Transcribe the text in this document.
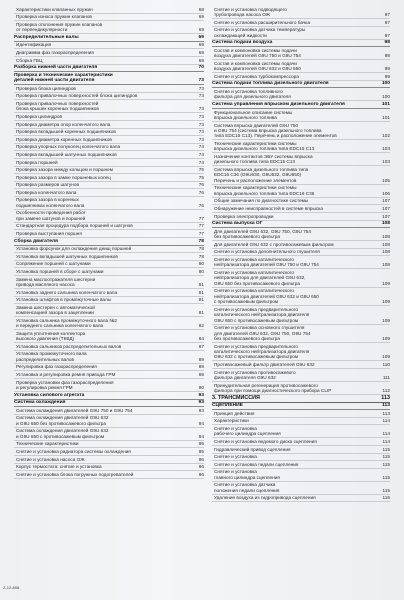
Характеристики клапанных пружин	68
Проверка износа пружин клапанов	69
Проверка отклонения пружин клапанов
от перпендикулярности	69
Распределительные валы	69
Идентификация	69
Диаграмма фаз газораспределения	69
Сборка ГБЦ	69
Разборка нижней части двигателя	70
Проверка и технические характеристики
деталей нижней части двигателя	73
Проверка блока цилиндров	73
Проверка привалочных поверхностей блока цилиндров	73
Проверка привалочных поверхностей
блока крышек коренных подшипников	73
Проверка цилиндров	73
Проверка диаметра опор коленчатого вала	73
Проверка вкладышей коренных подшипников	73
Проверка диаметра коренных подшипников	73
Проверка упорных полуколец коленчатого вала	74
Проверка вкладышей шатунных подшипников	74
Проверка поршней	74
Проверка зазора между кольцом и поршнем	75
Проверка зазора в замке поршневых колец	75
Проверка размеров шатунов	76
Проверка коленчатого вала	76
Проверка зазора в коренных
подшипниках коленчатого вала	76
Особенности проведения работ
при замене шатунов и поршней	77
Стандартная процедура подбора поршней и шатунов	77
Проверка выступания поршня	77
Сборка двигателя	78
Установка форсунок для охлаждения днищ поршней	78
Установка вкладышей шатунных подшипников	78
Сопряжение поршней с шатунами	80
Установка поршней в сборе с шатунами	80
Замена маслоотражателя шестерни
привода масляного насоса	81
Установка заднего сальника коленчатого вала	81
Установка штифтов в промежуточные валы	81
Замена шестерен с автоматической
компенсацией зазора в зацеплении	81
Установка сальника промежуточного вала №2
и переднего сальника коленчатого вала	82
Защита уплотнения коллектора
высокого давления (ТКВД)	84
Установка сальников распределительных валов	87
Установка промежуточного вала
распределительных валов	89
Регулировка фаз газораспределения	89
Установка и регулировка ремня привода ГРМ	89
Проверка установки фаз газораспределения
и регулировка ремня ГРМ	90
Установка силового агрегата	93
Система охлаждения	93
Система охлаждения двигателей G9U 750 и G9U 754	93
Система охлаждения двигателей G9U 632
и G9U 650 без противосажевого фильтра	94
Система охлаждения двигателей G9U 632
и G9U 650 с противосажевым фильтром	94
Технические характеристики	95
Снятие и установка радиатора системы охлаждения	95
Снятие и установка насоса ОЖ	96
Корпус термостата: снятие и установка	96
Снятие и установка блока погружных подогревателей	96
Снятие и установка подводящего
трубопровода насоса ОЖ	97
Снятие и установка расширительного бачка	97
Снятие и установка датчика температуры
охлаждающей жидкости	97
Система подачи воздуха	98
Состав и компоновка системы подачи
воздуха двигателей G9U 750 и G9U 754	98
Состав и компоновка системы подачи
воздуха двигателей G9U 632 и G9U 650	99
Снятие и установка турбокомпрессора	99
Система подачи топлива дизельного двигателя	100
Снятие и установка топливного
фильтра для дизельного двигателя	100
Система управления впрыском дизельного двигателя	101
Функциональное описание системы
впрыска дизельного топлива	101
Система впрыска двигателей G9U 750
и G9U 754 (система впрыска дизельного топлива
типа EDC15 C13). Перечень и расположение элементов	102
Технические характеристики системы
впрыска дизельного топлива типа EDC15 C13	103
Назначение контактов ЭБУ системы впрыска
дизельного топлива типа EDC15 C13	103
Система впрыска дизельного топлива типа
EDC16 C36 (G9U630, G9U632, G9U650)
Перечень и расположение элементов	105
Технические характеристики системы
впрыска дизельного топлива типа EDC16 C36	106
Общие замечания по диагностике системы	107
Обнаружение неисправностей в системе впрыска	107
Проверка электропроводки	107
Система выпуска ОГ	108
Для двигателей G9U 632, G9U 750, G9U 754
без противосажевого фильтра	108
Для двигателей G9U 632 с противосажевым фильтром	108
Снятие и установка дополнительного глушителя	108
Снятие и установка каталитического
нейтрализатора двигателей G9U 750 и G9U 754	108
Снятие и установка каталитического
нейтрализатора для двигателей G9U 632,
G9U 650 без противосажевого фильтра	109
Снятие и установка каталитического
нейтрализатора двигателей G9U 632 и G9U 650
с противосажевым фильтром	109
Снятие и установка предварительного
каталитического нейтрализатора двигателя
G9U 650 с противосажевым фильтром	109
Снятие и установка основного глушителя
для двигателей G9U 632, G9U 750, G9U 754
без противосажевого фильтра	109
Снятие и установка предварительного
каталитического нейтрализатора двигателя
G9U 632 с противосажевым фильтром	109
Противосажевый фильтр двигателей G9U 632	110
Снятие и установка противосажевого
фильтра двигателя G9U 632	111
Принудительная регенерация противосажевого
фильтра при помощи диагностического прибора CLIP	112
3. ТРАНСМИССИЯ	113
СЦЕПЛЕНИЕ	113
Принцип действия	113
Характеристики	114
Снятие и установка
рабочего цилиндра сцепления	114
Снятие и установка ведомого диска сцепления	114
Гидравлический привод сцепления	115
Снятие и установка	115
Снятие и установка педали сцепления	115
Снятие и установка
главного цилиндра сцепления	115
Снятие и установка датчика
положения педали сцепления	115
Удаление воздуха из гидропривода сцепления	116
Z-12-808
